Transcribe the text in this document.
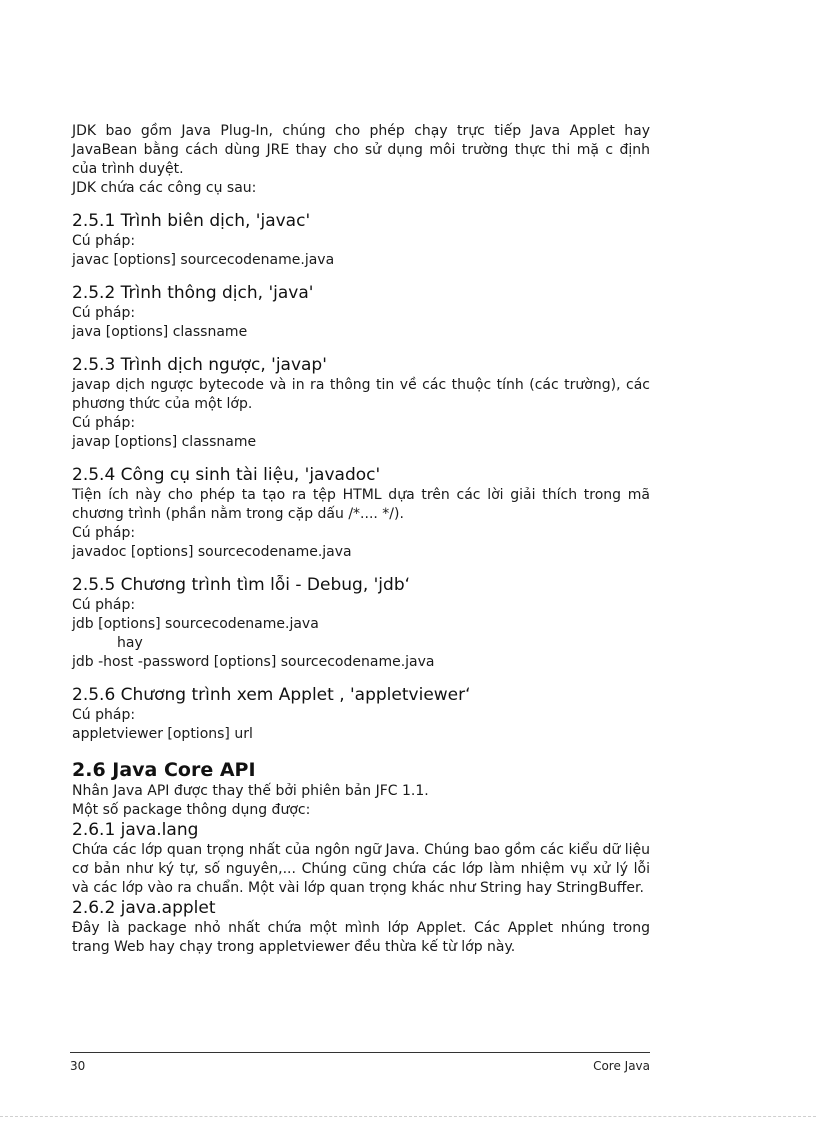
JDK bao gồm Java Plug-In, chúng cho phép chạy trực tiếp Java Applet hay JavaBean bằng cách dùng JRE thay cho sử dụng môi trường thực thi mặ c định của trình duyệt.

JDK chứa các công cụ sau:

2.5.1 Trình biên dịch, 'javac'

Cú pháp:

javac [options] sourcecodename.java

2.5.2 Trình thông dịch, 'java'

Cú pháp:

java [options] classname

2.5.3 Trình dịch ngược, 'javap'

javap dịch ngược bytecode và in ra thông tin về các thuộc tính (các trường), các phương thức của một lớp.

Cú pháp:

javap [options] classname

2.5.4 Công cụ sinh tài liệu, 'javadoc'

Tiện ích này cho phép ta tạo ra tệp HTML dựa trên các lời giải thích trong mã chương trình (phần nằm trong cặp dấu /*.... */).

Cú pháp:

javadoc [options] sourcecodename.java

2.5.5 Chương trình tìm lỗi - Debug, 'jdb‘

Cú pháp:

jdb [options] sourcecodename.java

hay

jdb -host -password [options] sourcecodename.java

2.5.6 Chương trình xem Applet , 'appletviewer‘

Cú pháp:

appletviewer [options] url

2.6 Java Core API

Nhân Java API được thay thế bởi phiên bản JFC 1.1.

Một số package thông dụng được:

2.6.1 java.lang

Chứa các lớp quan trọng nhất của ngôn ngữ Java. Chúng bao gồm các kiểu dữ liệu cơ bản như ký tự, số nguyên,... Chúng cũng chứa các lớp làm nhiệm vụ xử lý lỗi và các lớp vào ra chuẩn. Một vài lớp quan trọng khác như String hay StringBuffer.

2.6.2 java.applet

Đây là package nhỏ nhất chứa một mình lớp Applet. Các Applet nhúng trong trang Web hay chạy trong appletviewer đều thừa kế từ lớp này.

30	Core Java
